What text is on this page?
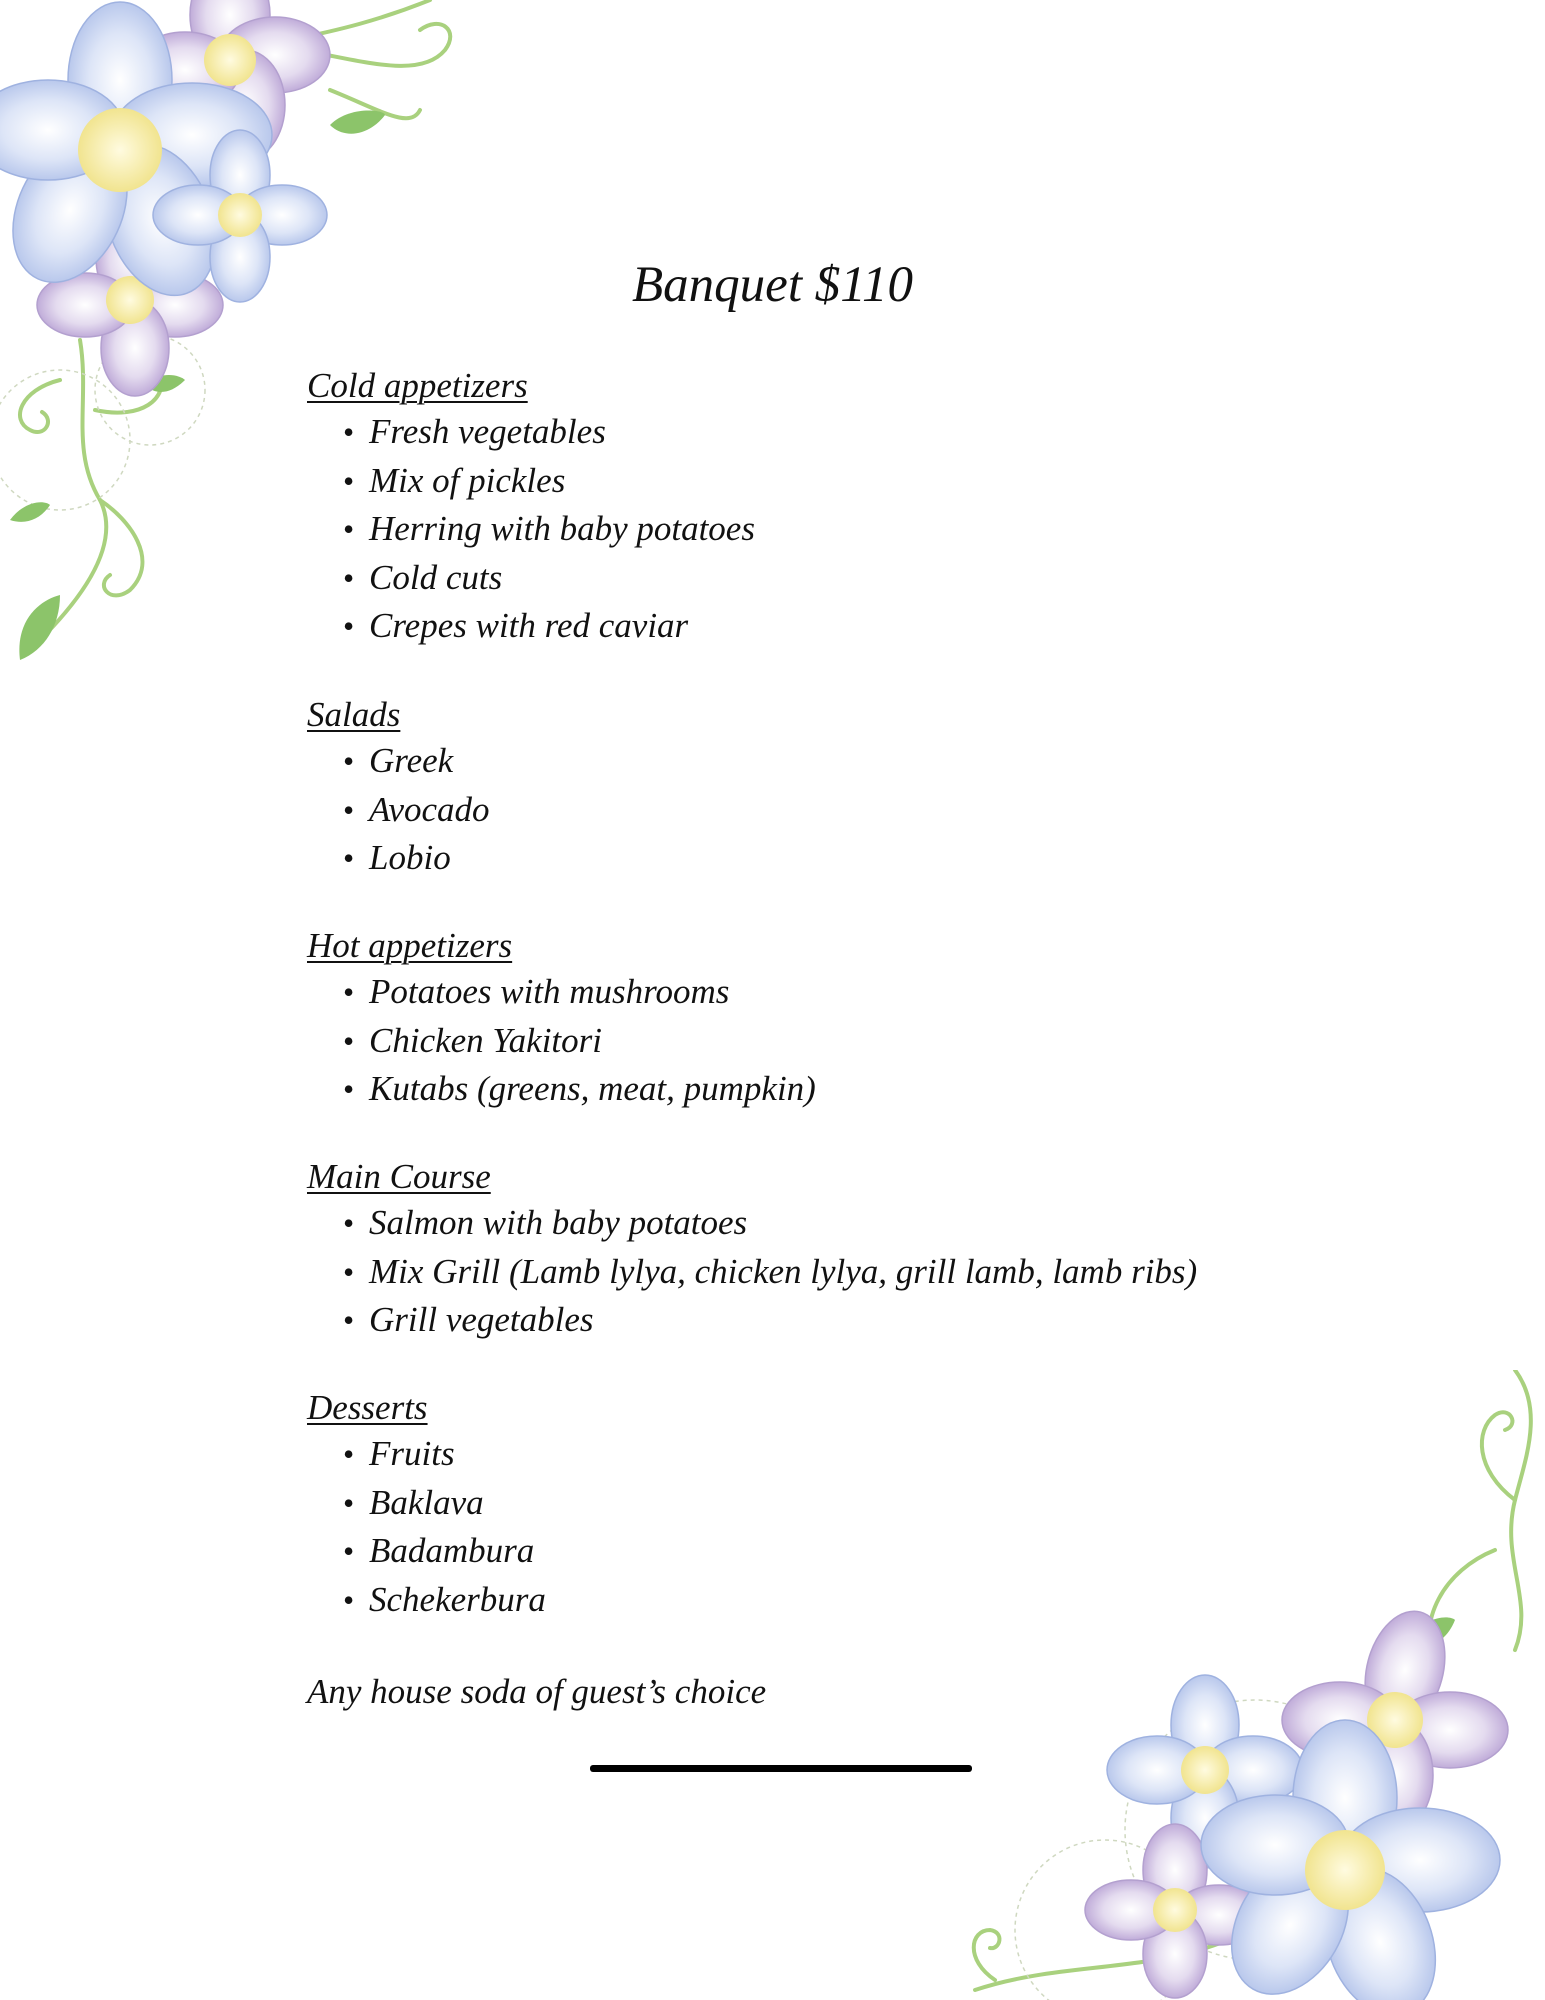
Banquet $110
Cold appetizers
• Fresh vegetables
• Mix of pickles
• Herring with baby potatoes
• Cold cuts
• Crepes with red caviar
Salads
• Greek
• Avocado
• Lobio
Hot appetizers
• Potatoes with mushrooms
• Chicken Yakitori
• Kutabs (greens, meat, pumpkin)
Main Course
• Salmon with baby potatoes
• Mix Grill (Lamb lylya, chicken lylya, grill lamb, lamb ribs)
• Grill vegetables
Desserts
• Fruits
• Baklava
• Badambura
• Schekerbura

Any house soda of guest’s choice
